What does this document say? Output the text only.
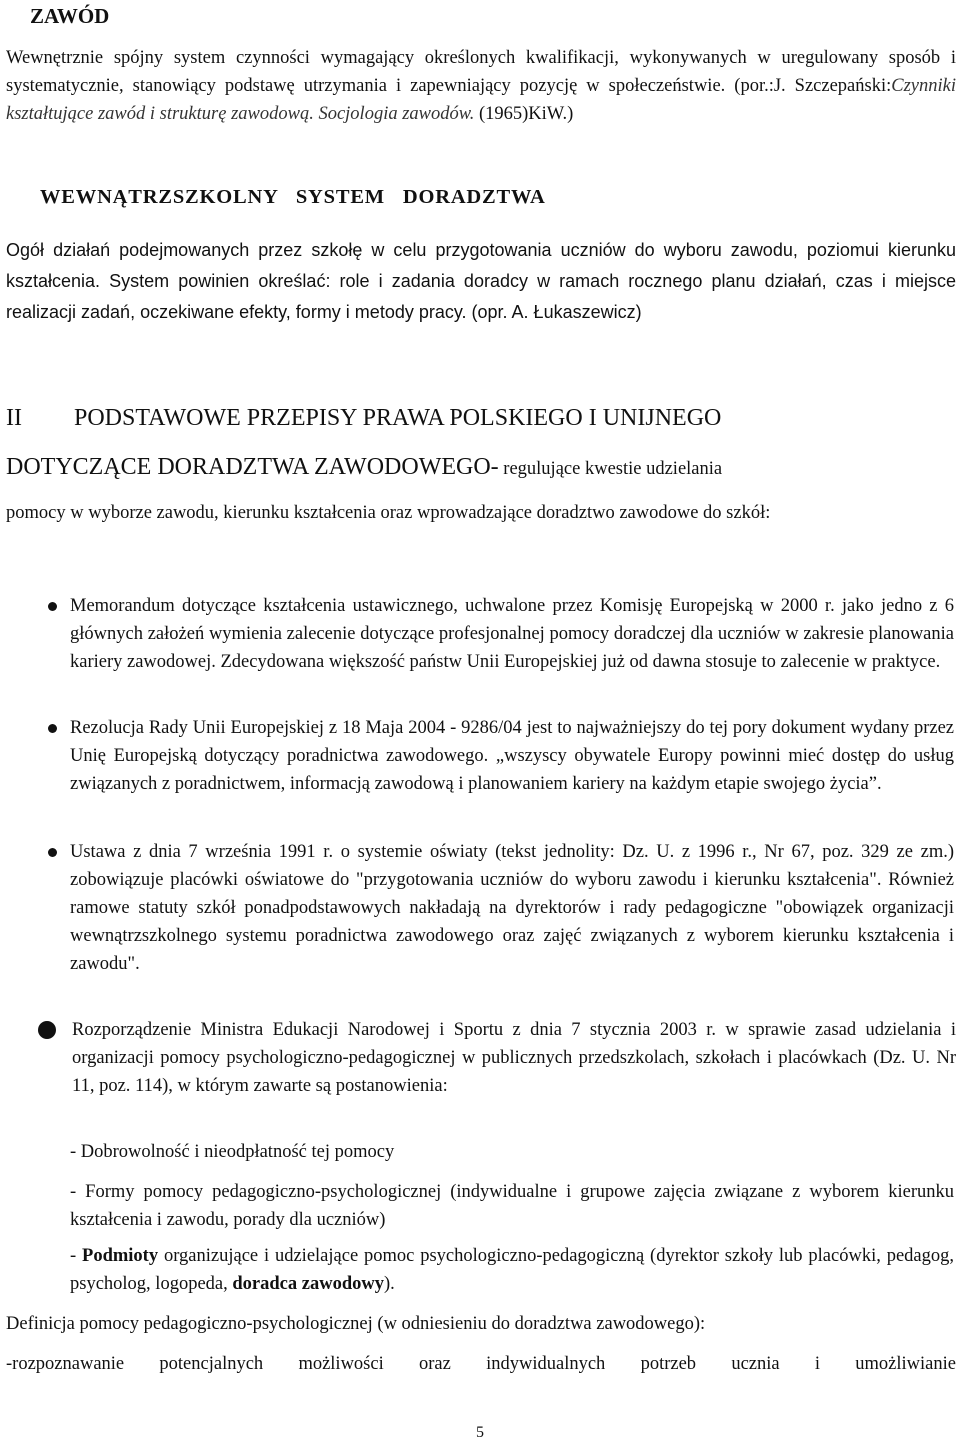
ZAWÓD
Wewnętrznie spójny system czynności wymagający określonych kwalifikacji, wykonywanych w uregulowany sposób i systematycznie, stanowiący podstawę utrzymania i zapewniający pozycję w społeczeństwie. (por.:J. Szczepański:Czynniki kształtujące zawód i strukturę zawodową. Socjologia zawodów. (1965)KiW.)
WEWNĄTRZSZKOLNY SYSTEM DORADZTWA
Ogół działań podejmowanych przez szkołę w celu przygotowania uczniów do wyboru zawodu, poziomui kierunku kształcenia. System powinien określać: role i zadania doradcy w ramach rocznego planu działań, czas i miejsce realizacji zadań, oczekiwane efekty, formy i metody pracy. (opr. A. Łukaszewicz)
II PODSTAWOWE PRZEPISY PRAWA POLSKIEGO I UNIJNEGO
DOTYCZĄCE DORADZTWA ZAWODOWEGO- regulujące kwestie udzielania
pomocy w wyborze zawodu, kierunku kształcenia oraz wprowadzające doradztwo zawodowe do szkół:
Memorandum dotyczące kształcenia ustawicznego, uchwalone przez Komisję Europejską w 2000 r. jako jedno z 6 głównych założeń wymienia zalecenie dotyczące profesjonalnej pomocy doradczej dla uczniów w zakresie planowania kariery zawodowej. Zdecydowana większość państw Unii Europejskiej już od dawna stosuje to zalecenie w praktyce.
Rezolucja Rady Unii Europejskiej z 18 Maja 2004 - 9286/04 jest to najważniejszy do tej pory dokument wydany przez Unię Europejską dotyczący poradnictwa zawodowego. „wszyscy obywatele Europy powinni mieć dostęp do usług związanych z poradnictwem, informacją zawodową i planowaniem kariery na każdym etapie swojego życia”.
Ustawa z dnia 7 września 1991 r. o systemie oświaty (tekst jednolity: Dz. U. z 1996 r., Nr 67, poz. 329 ze zm.) zobowiązuje placówki oświatowe do "przygotowania uczniów do wyboru zawodu i kierunku kształcenia". Również ramowe statuty szkół ponadpodstawowych nakładają na dyrektorów i rady pedagogiczne "obowiązek organizacji wewnątrzszkolnego systemu poradnictwa zawodowego oraz zajęć związanych z wyborem kierunku kształcenia i zawodu".
Rozporządzenie Ministra Edukacji Narodowej i Sportu z dnia 7 stycznia 2003 r. w sprawie zasad udzielania i organizacji pomocy psychologiczno-pedagogicznej w publicznych przedszkolach, szkołach i placówkach (Dz. U. Nr 11, poz. 114), w którym zawarte są postanowienia:
- Dobrowolność i nieodpłatność tej pomocy
- Formy pomocy pedagogiczno-psychologicznej (indywidualne i grupowe zajęcia związane z wyborem kierunku kształcenia i zawodu, porady dla uczniów)
- Podmioty organizujące i udzielające pomoc psychologiczno-pedagogiczną (dyrektor szkoły lub placówki, pedagog, psycholog, logopeda, doradca zawodowy).
Definicja pomocy pedagogiczno-psychologicznej (w odniesieniu do doradztwa zawodowego):
-rozpoznawanie potencjalnych możliwości oraz indywidualnych potrzeb ucznia i umożliwianie
5
